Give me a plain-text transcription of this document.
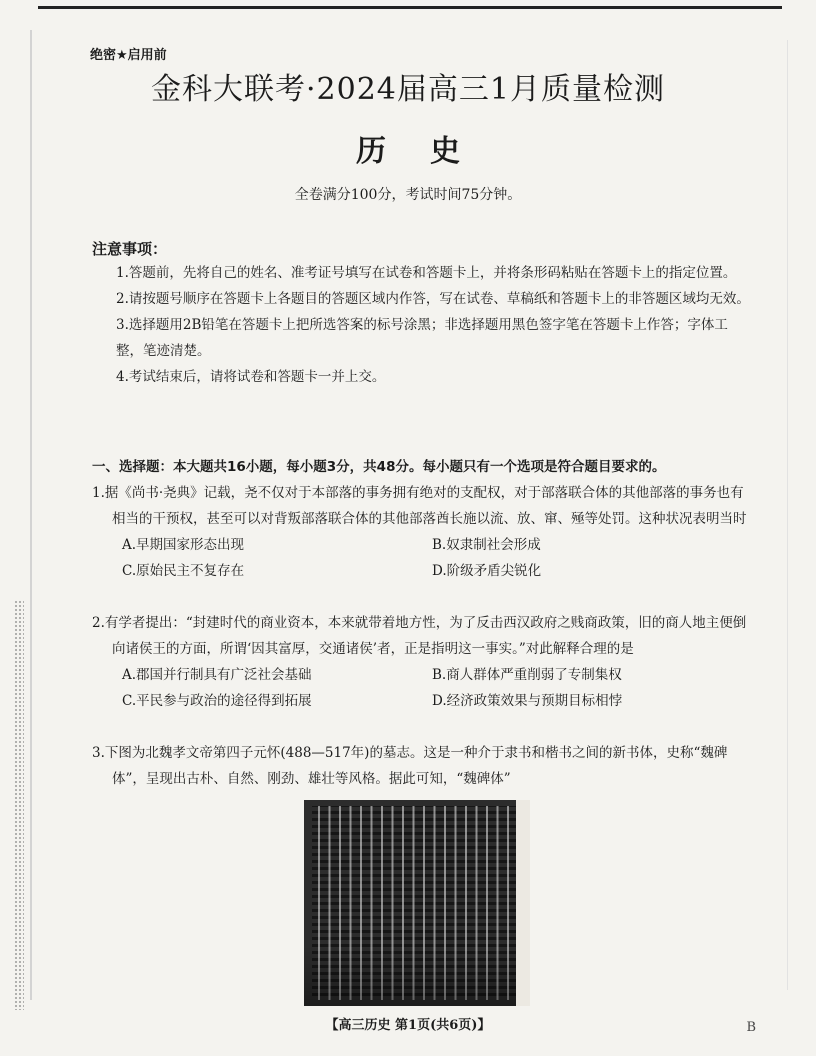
绝密★启用前
金科大联考·2024届高三1月质量检测
历史
全卷满分100分，考试时间75分钟。
注意事项：
1.答题前，先将自己的姓名、准考证号填写在试卷和答题卡上，并将条形码粘贴在答题卡上的指定位置。
2.请按题号顺序在答题卡上各题目的答题区域内作答，写在试卷、草稿纸和答题卡上的非答题区域均无效。
3.选择题用2B铅笔在答题卡上把所选答案的标号涂黑；非选择题用黑色签字笔在答题卡上作答；字体工整，笔迹清楚。
4.考试结束后，请将试卷和答题卡一并上交。
一、选择题：本大题共16小题，每小题3分，共48分。每小题只有一个选项是符合题目要求的。

1.据《尚书·尧典》记载，尧不仅对于本部落的事务拥有绝对的支配权，对于部落联合体的其他部落的事务也有相当的干预权，甚至可以对背叛部落联合体的其他部落酋长施以流、放、窜、殛等处罚。这种状况表明当时

A.早期国家形态出现	B.奴隶制社会形成
C.原始民主不复存在	D.阶级矛盾尖锐化

2.有学者提出：“封建时代的商业资本，本来就带着地方性，为了反击西汉政府之贱商政策，旧的商人地主便倒向诸侯王的方面，所谓‘因其富厚，交通诸侯’者，正是指明这一事实。”对此解释合理的是

A.郡国并行制具有广泛社会基础	B.商人群体严重削弱了专制集权
C.平民参与政治的途径得到拓展	D.经济政策效果与预期目标相悖

3.下图为北魏孝文帝第四子元怀(488—517年)的墓志。这是一种介于隶书和楷书之间的新书体，史称“魏碑体”，呈现出古朴、自然、刚劲、雄壮等风格。据此可知，“魏碑体”

【高三历史 第1页(共6页)】	B
